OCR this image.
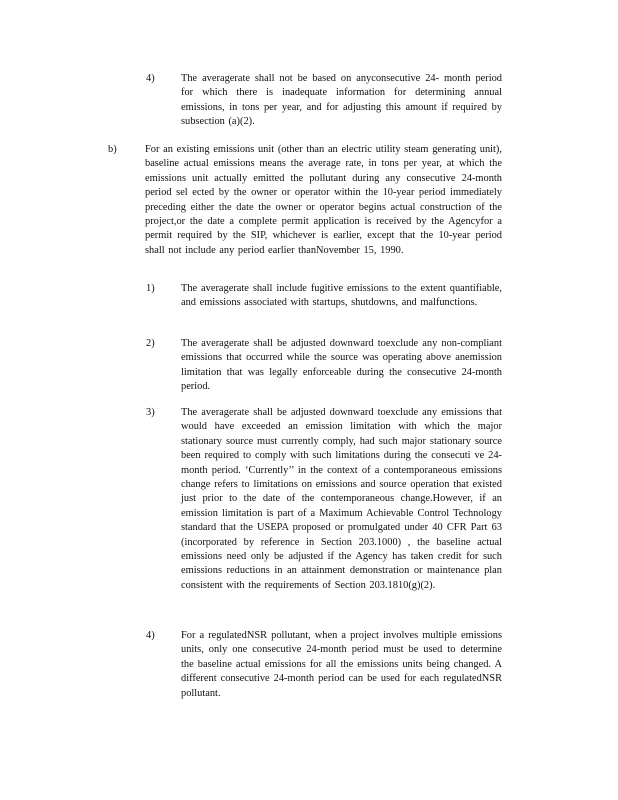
4)	The averagerate shall not be based on anyconsecutive 24- month period for which there is inadequate information for determining annual emissions, in tons per year, and for adjusting this amount if required by subsection (a)(2).
b)	For an existing emissions unit (other than an electric utility steam generating unit), baseline actual emissions means the average rate, in tons per year, at which the emissions unit actually emitted the pollutant during any consecutive 24-month period sel ected by the owner or operator within the 10-year period immediately preceding either the date the owner or operator begins actual construction of the project,or the date a complete permit application is received by the Agencyfor a permit required by the SIP, whichever is earlier, except that the 10-year period shall not include any period earlier thanNovember 15, 1990.
1)	The averagerate shall include fugitive emissions to the extent quantifiable, and emissions associated with startups, shutdowns, and malfunctions.
2)	The averagerate shall be adjusted downward toexclude any non-compliant emissions that occurred while the source was operating above anemission limitation that was legally enforceable during the consecutive 24-month period.
3)	The averagerate shall be adjusted downward toexclude any emissions that would have exceeded an emission limitation with which the major stationary source must currently comply, had such major stationary source been required to comply with such limitations during the consecuti ve 24-month period. ‘Currently’’ in the context of a contemporaneous emissions change refers to limitations on emissions and source operation that existed just prior to the date of the contemporaneous change.However, if an emission limitation is part of a Maximum Achievable Control Technology standard that the USEPA proposed or promulgated under 40 CFR Part 63 (incorporated by reference in Section 203.1000) , the baseline actual emissions need only be adjusted if the Agency has taken credit for such emissions reductions in an attainment demonstration or maintenance plan consistent with the requirements of Section 203.1810(g)(2).
4)	For a regulatedNSR pollutant, when a project involves multiple emissions units, only one consecutive 24-month period must be used to determine the baseline actual emissions for all the emissions units being changed. A different consecutive 24-month period can be used for each regulatedNSR pollutant.
